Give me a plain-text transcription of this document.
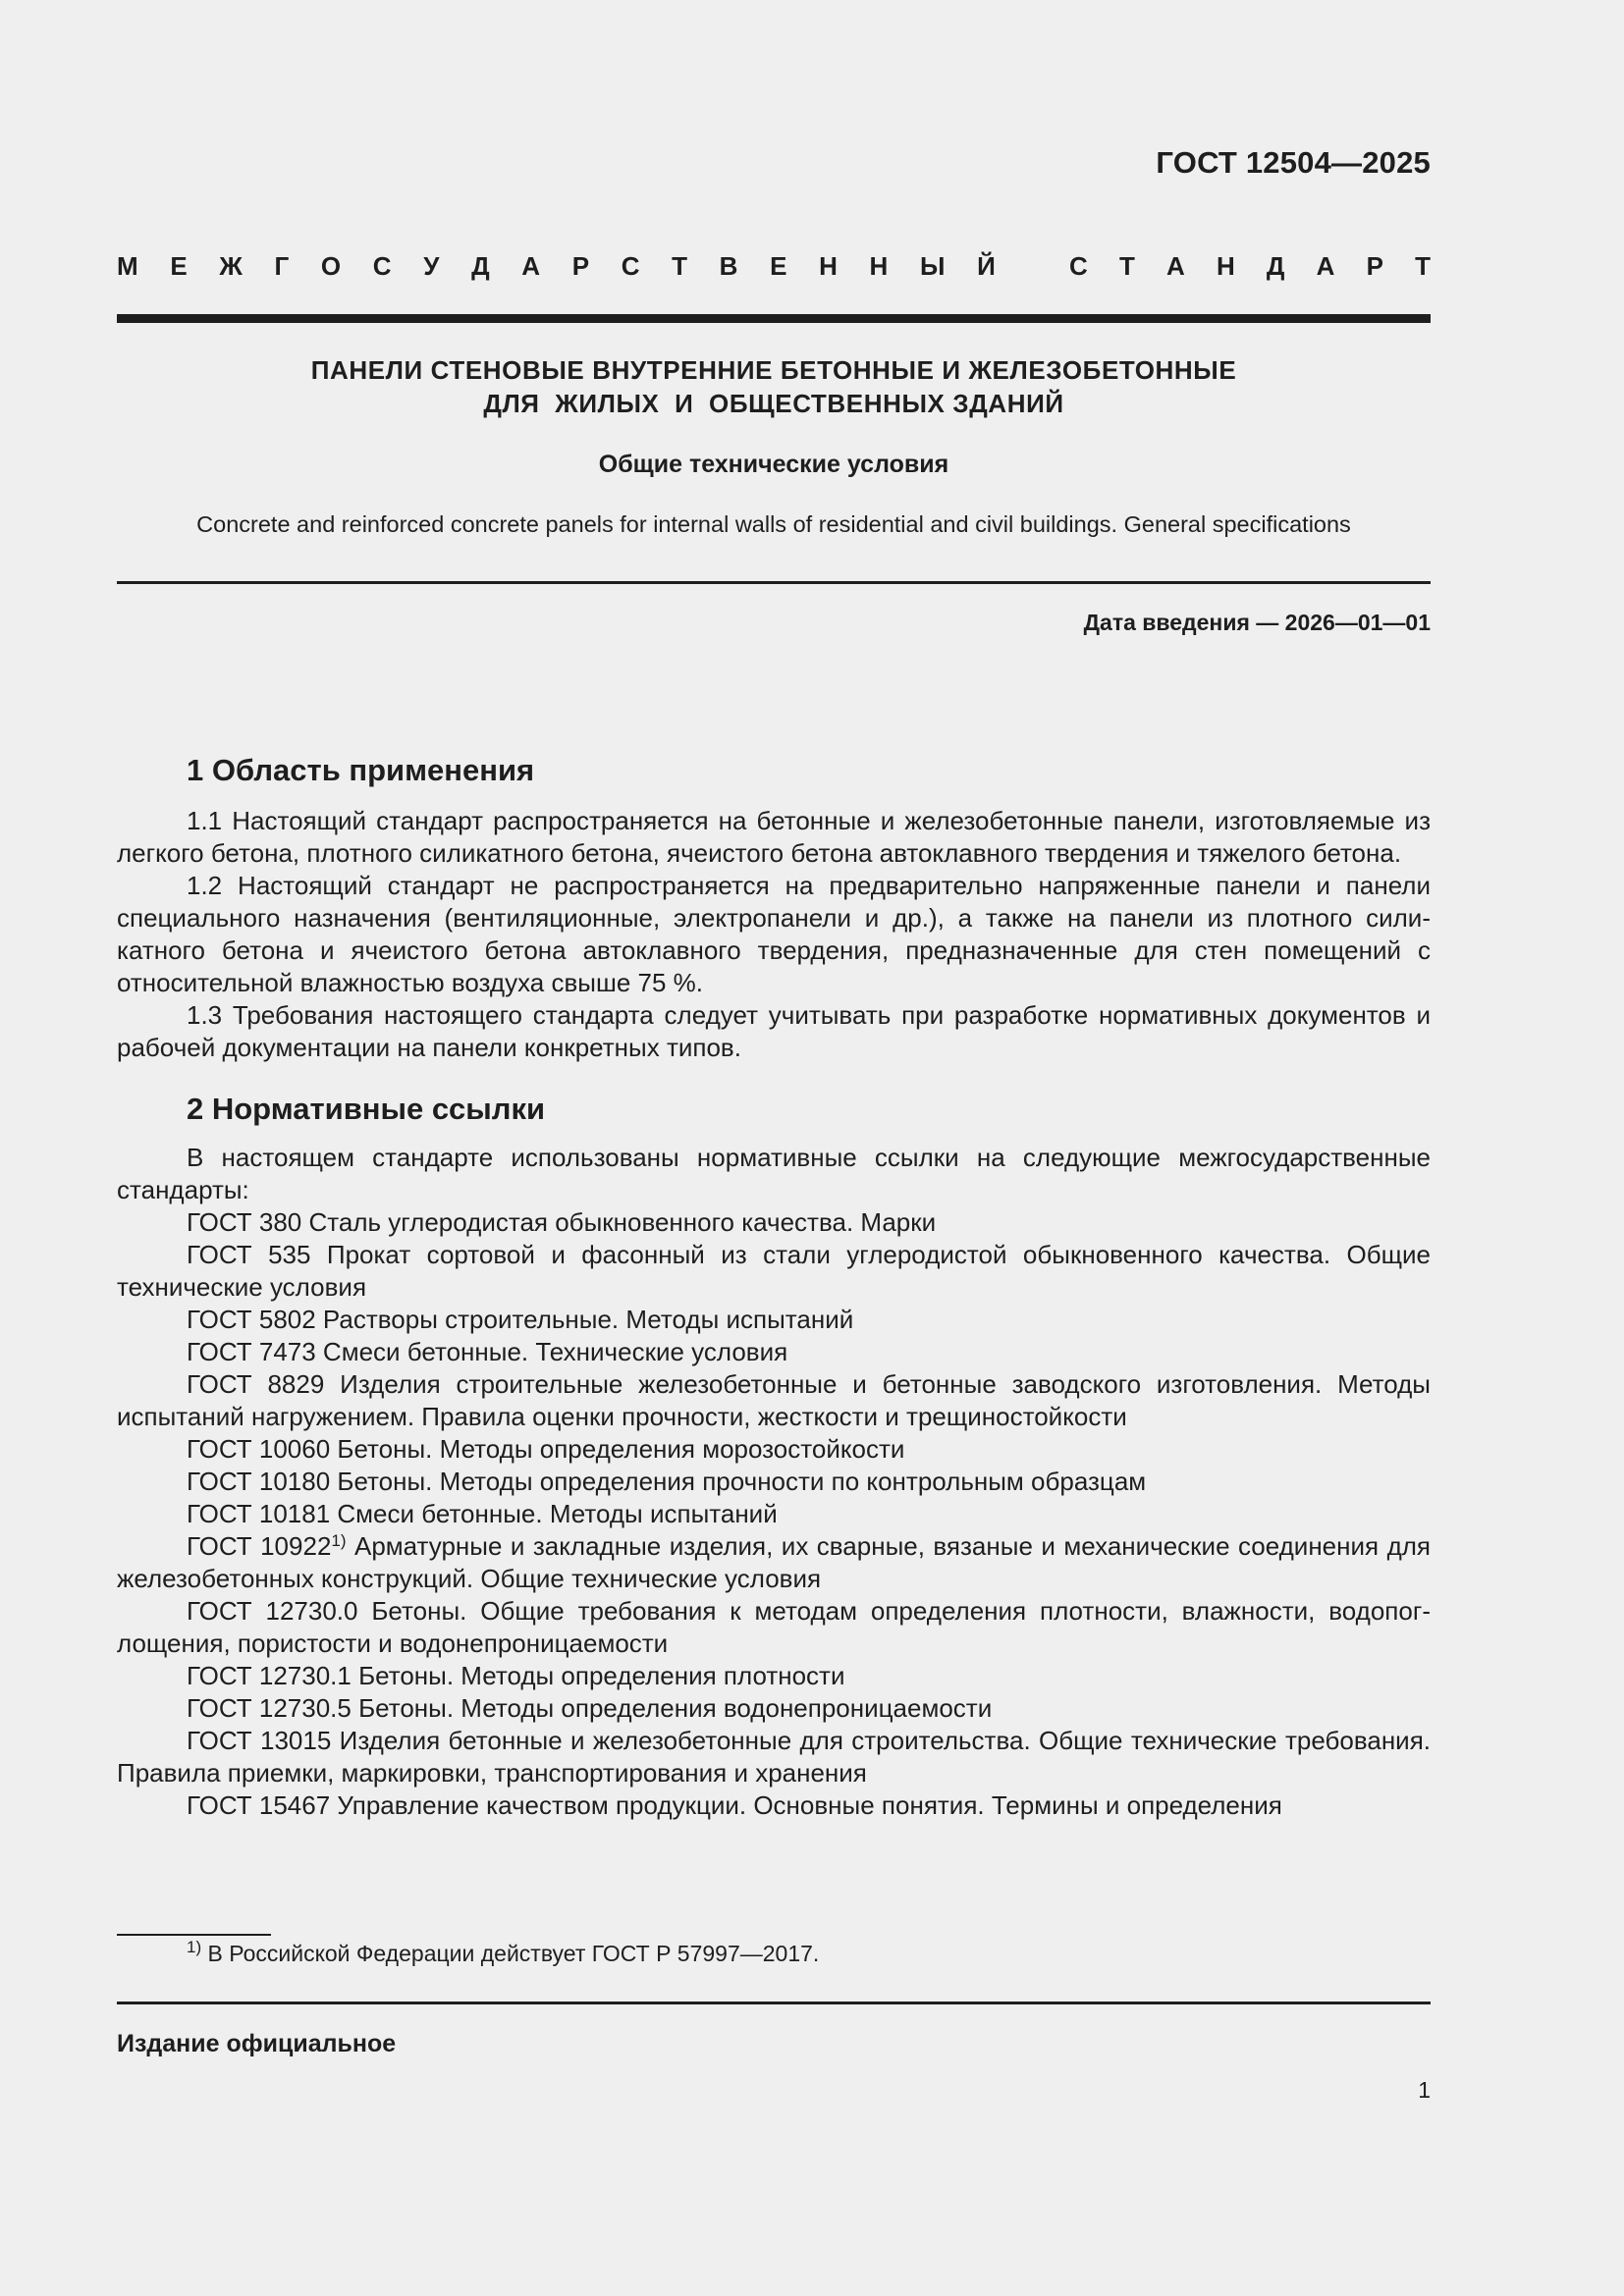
ГОСТ 12504—2025
М Е Ж Г О С У Д А Р С Т В Е Н Н Ы Й	С Т А Н Д А Р Т
ПАНЕЛИ СТЕНОВЫЕ ВНУТРЕННИЕ БЕТОННЫЕ И ЖЕЛЕЗОБЕТОННЫЕ
ДЛЯ  ЖИЛЫХ  И  ОБЩЕСТВЕННЫХ ЗДАНИЙ
Общие технические условия
Concrete and reinforced concrete panels for internal walls of residential and civil buildings. General specifications
Дата введения — 2026—01—01
1 Область применения

1.1 Настоящий стандарт распространяется на бетонные и железобетонные панели, изготовляемые из легкого бетона, плотного силикатного бетона, ячеистого бетона автоклавного твердения и тяжелого бетона.

1.2 Настоящий стандарт не распространяется на предварительно напряженные панели и панели специального назначения (вентиляционные, электропанели и др.), а также на панели из плотного силикатного бетона и ячеистого бетона автоклавного твердения, предназначенные для стен помещений с относительной влажностью воздуха свыше 75 %.

1.3 Требования настоящего стандарта следует учитывать при разработке нормативных документов и рабочей документации на панели конкретных типов.

2 Нормативные ссылки

В настоящем стандарте использованы нормативные ссылки на следующие межгосударственные стандарты:

ГОСТ 380 Сталь углеродистая обыкновенного качества. Марки

ГОСТ 535 Прокат сортовой и фасонный из стали углеродистой обыкновенного качества. Общие технические условия

ГОСТ 5802 Растворы строительные. Методы испытаний

ГОСТ 7473 Смеси бетонные. Технические условия

ГОСТ 8829 Изделия строительные железобетонные и бетонные заводского изготовления. Методы испытаний нагружением. Правила оценки прочности, жесткости и трещиностойкости

ГОСТ 10060 Бетоны. Методы определения морозостойкости

ГОСТ 10180 Бетоны. Методы определения прочности по контрольным образцам

ГОСТ 10181 Смеси бетонные. Методы испытаний

ГОСТ 10922$^{1)}$ Арматурные и закладные изделия, их сварные, вязаные и механические соединения для железобетонных конструкций. Общие технические условия

ГОСТ 12730.0 Бетоны. Общие требования к методам определения плотности, влажности, водопоглощения, пористости и водонепроницаемости

ГОСТ 12730.1 Бетоны. Методы определения плотности

ГОСТ 12730.5 Бетоны. Методы определения водонепроницаемости

ГОСТ 13015 Изделия бетонные и железобетонные для строительства. Общие технические требования. Правила приемки, маркировки, транспортирования и хранения

ГОСТ 15467 Управление качеством продукции. Основные понятия. Термины и определения

$^{1)}$ В Российской Федерации действует ГОСТ Р 57997—2017.
Издание официальное
1
